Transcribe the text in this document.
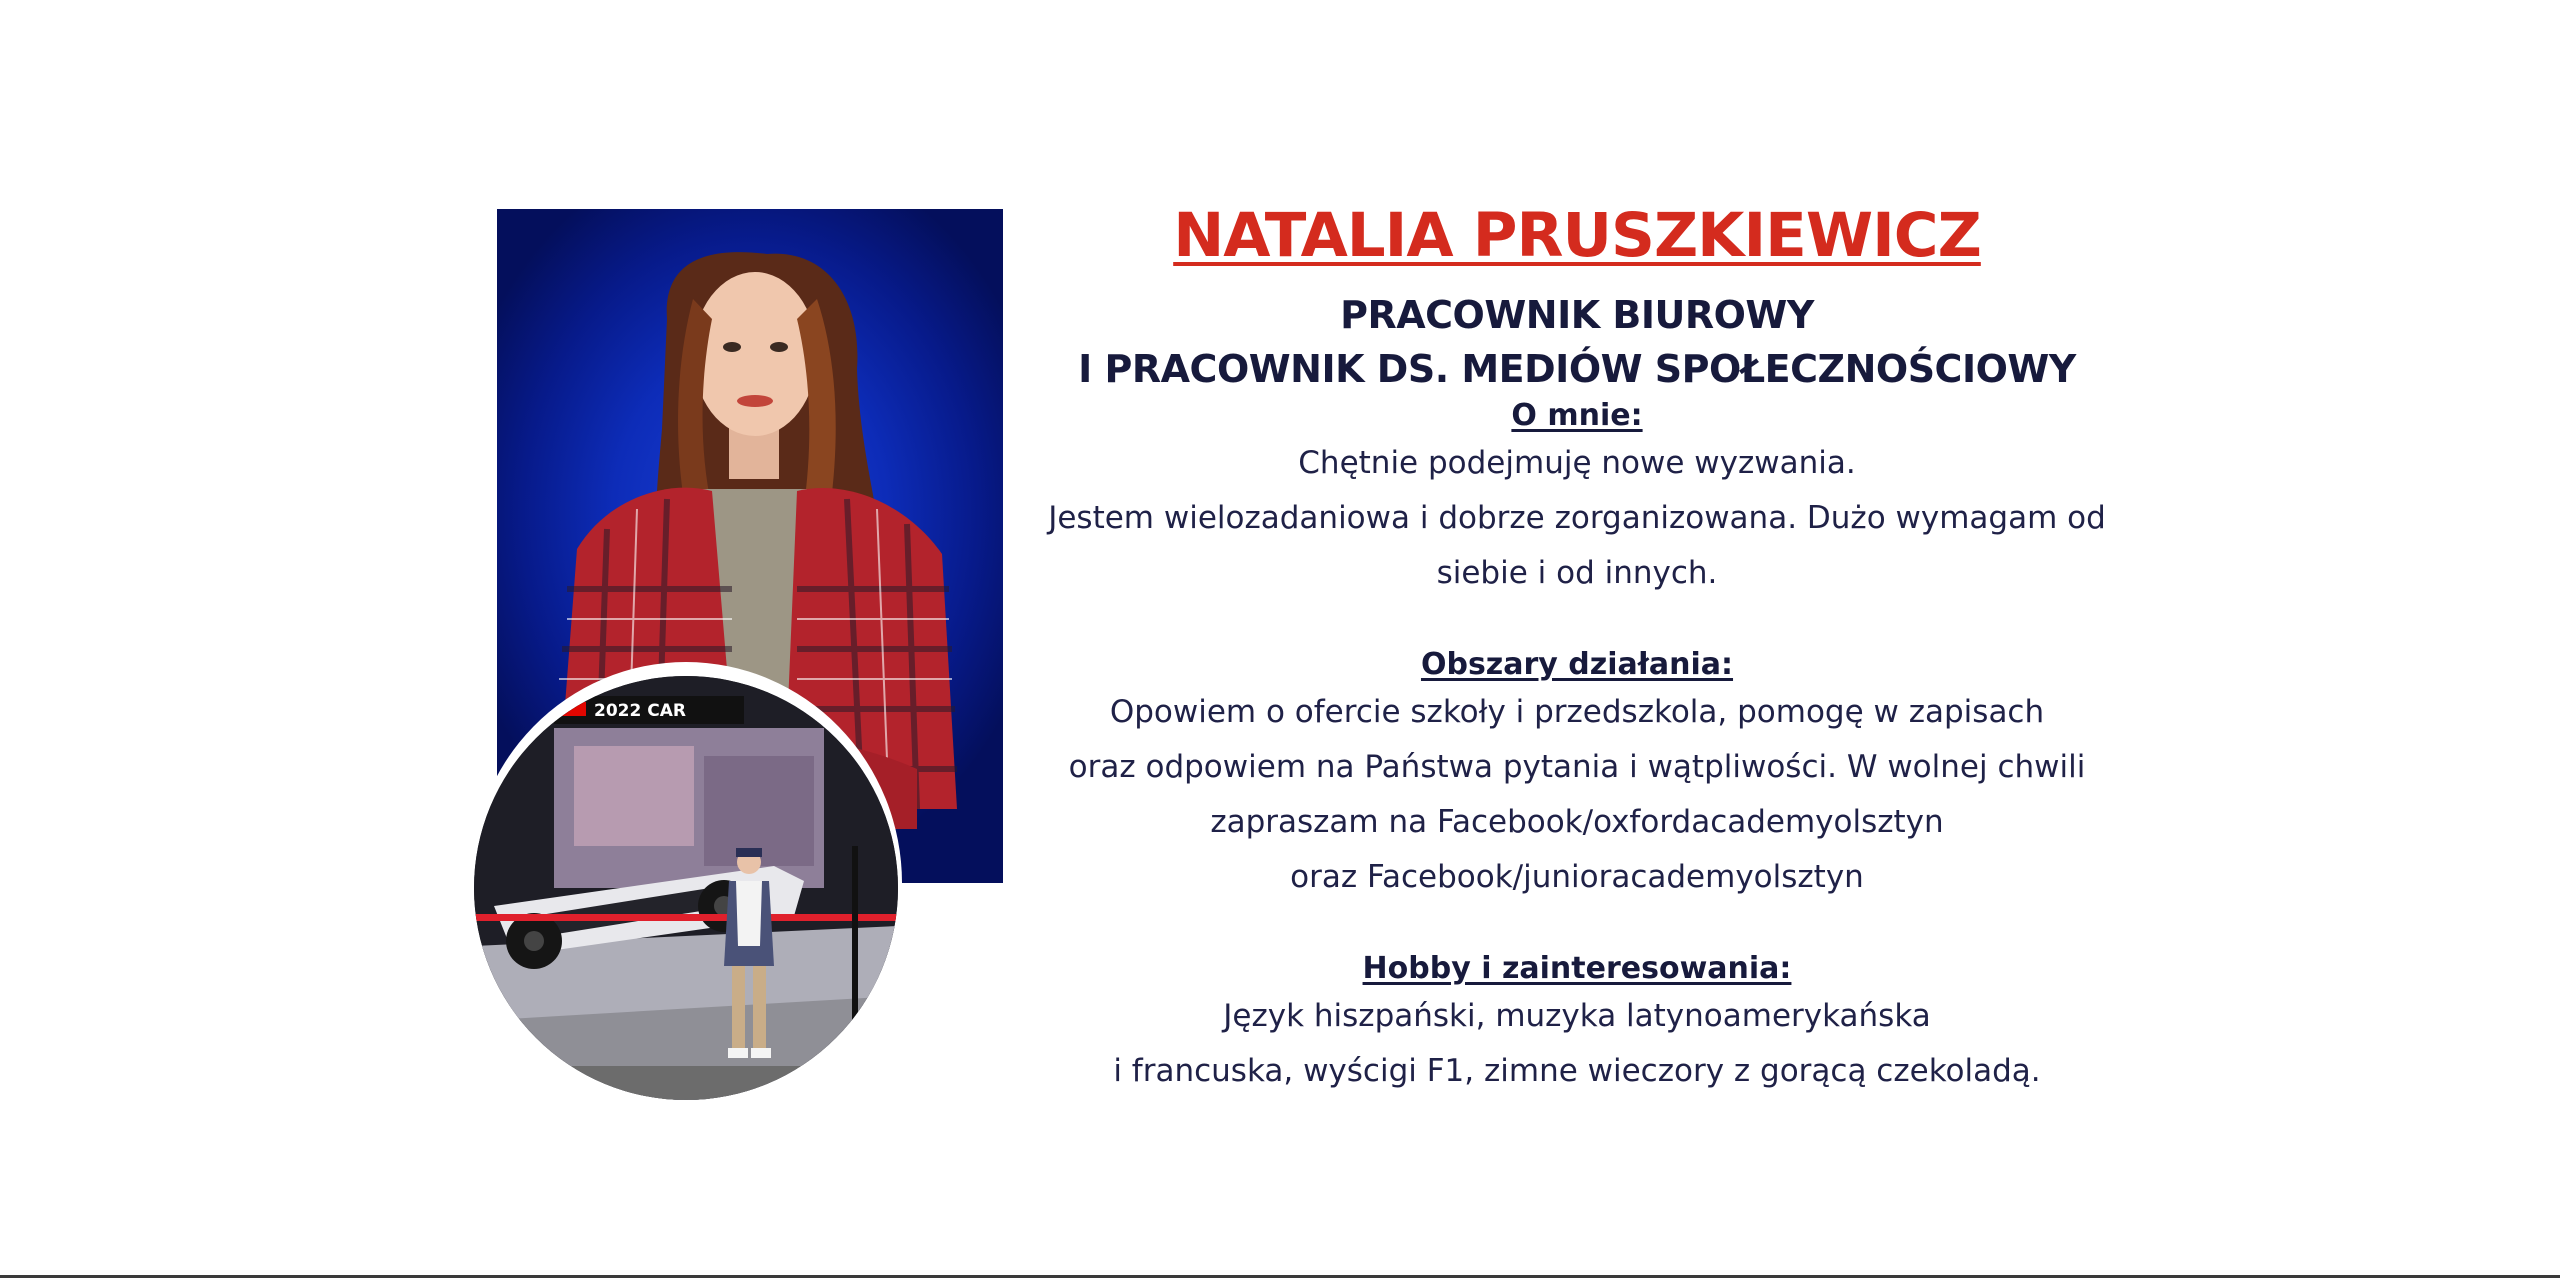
2022 CAR
NATALIA PRUSZKIEWICZ

PRACOWNIK BIUROWY

I PRACOWNIK DS. MEDIÓW SPOŁECZNOŚCIOWY

O mnie:

Chętnie podejmuję nowe wyzwania.

Jestem wielozadaniowa i dobrze zorganizowana. Dużo wymagam od

siebie i od innych.

Obszary działania:

Opowiem o ofercie szkoły i przedszkola, pomogę w zapisach

oraz odpowiem na Państwa pytania i wątpliwości. W wolnej chwili

zapraszam na Facebook/oxfordacademyolsztyn

oraz Facebook/junioracademyolsztyn

Hobby i zainteresowania:

Język hiszpański, muzyka latynoamerykańska

i francuska, wyścigi F1, zimne wieczory z gorącą czekoladą.
